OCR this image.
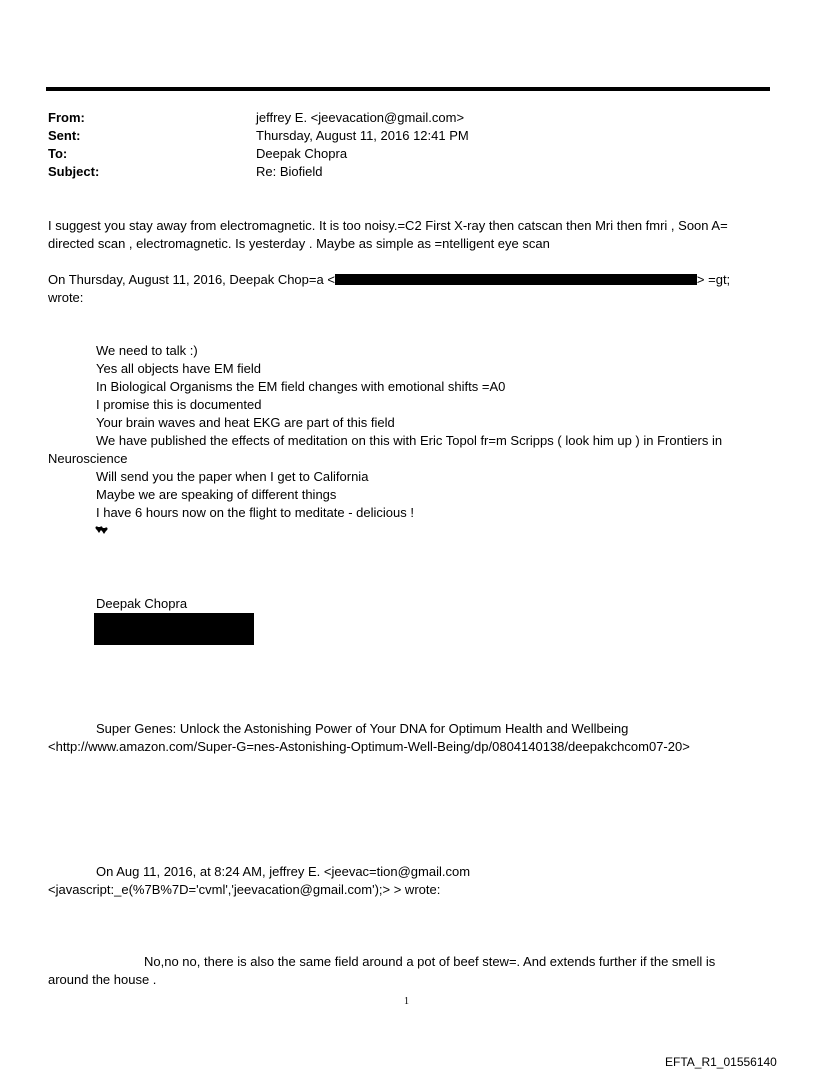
From:	jeffrey E. <jeevacation@gmail.com>
Sent:	Thursday, August 11, 2016 12:41 PM
To:	Deepak Chopra
Subject:	Re: Biofield
I suggest you stay away from electromagnetic. It is too noisy.=C2 First X-ray then catscan then Mri then fmri , Soon A=
directed scan , electromagnetic. Is yesterday . Maybe as simple as =ntelligent eye scan
On Thursday, August 11, 2016, Deepak Chop=a <	> =gt;
wrote:
We need to talk :)
Yes all objects have EM field
In Biological Organisms the EM field changes with emotional shifts =A0
I promise this is documented
Your brain waves and heat EKG are part of this field
We have published the effects of meditation on this with Eric Topol fr=m Scripps ( look him up ) in Frontiers in
Neuroscience
Will send you the paper when I get to California
Maybe we are speaking of different things
I have 6 hours now on the flight to meditate - delicious !
Deepak Chopra
Super Genes: Unlock the Astonishing Power of Your DNA for Optimum Health and Wellbeing
<http://www.amazon.com/Super-G=nes-Astonishing-Optimum-Well-Being/dp/0804140138/deepakchcom07-20>
On Aug 11, 2016, at 8:24 AM, jeffrey E. <jeevac=tion@gmail.com
<javascript:_e(%7B%7D='cvml','jeevacation@gmail.com');> > wrote:
No,no no, there is also the same field around a pot of beef stew=. And extends further if the smell is
around the house .
1
EFTA_R1_01556140
